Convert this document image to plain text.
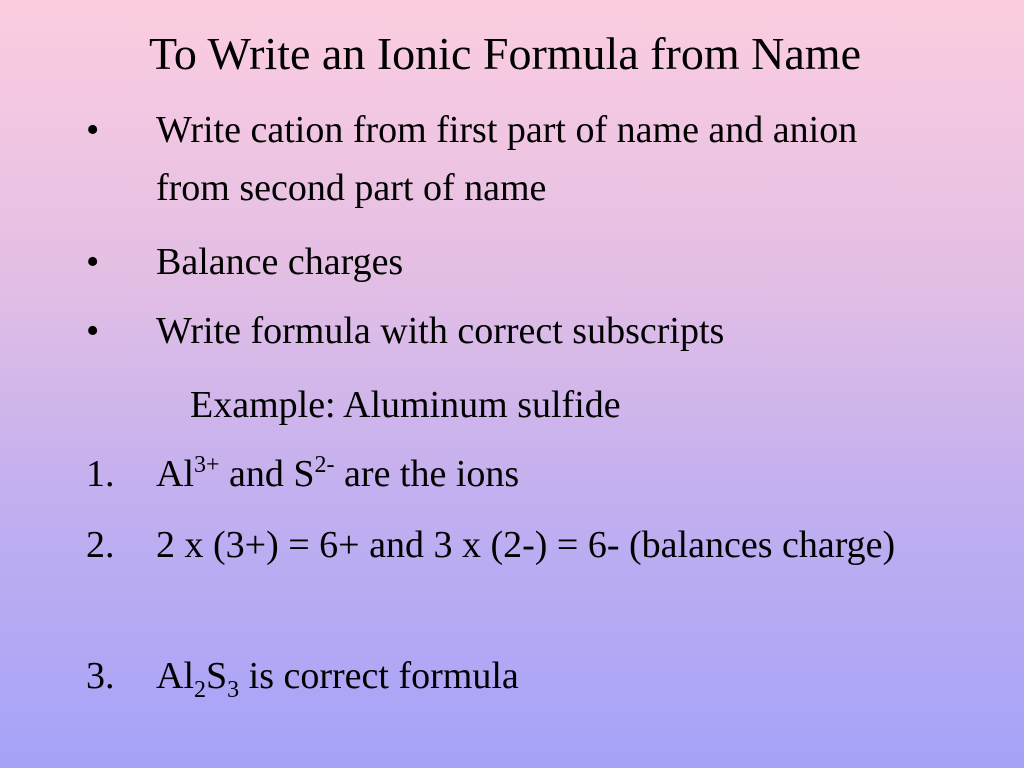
To Write an Ionic Formula from Name
•	Write cation from first part of name and anion from second part of name
•	Balance charges
•	Write formula with correct subscripts
Example: Aluminum sulfide
1.	$Al^{3+}$ and $S^{2-}$ are the ions
2.	2 x (3+) = 6+ and 3 x (2-) = 6- (balances charge)
3.	$Al_2S_3$ is correct formula
